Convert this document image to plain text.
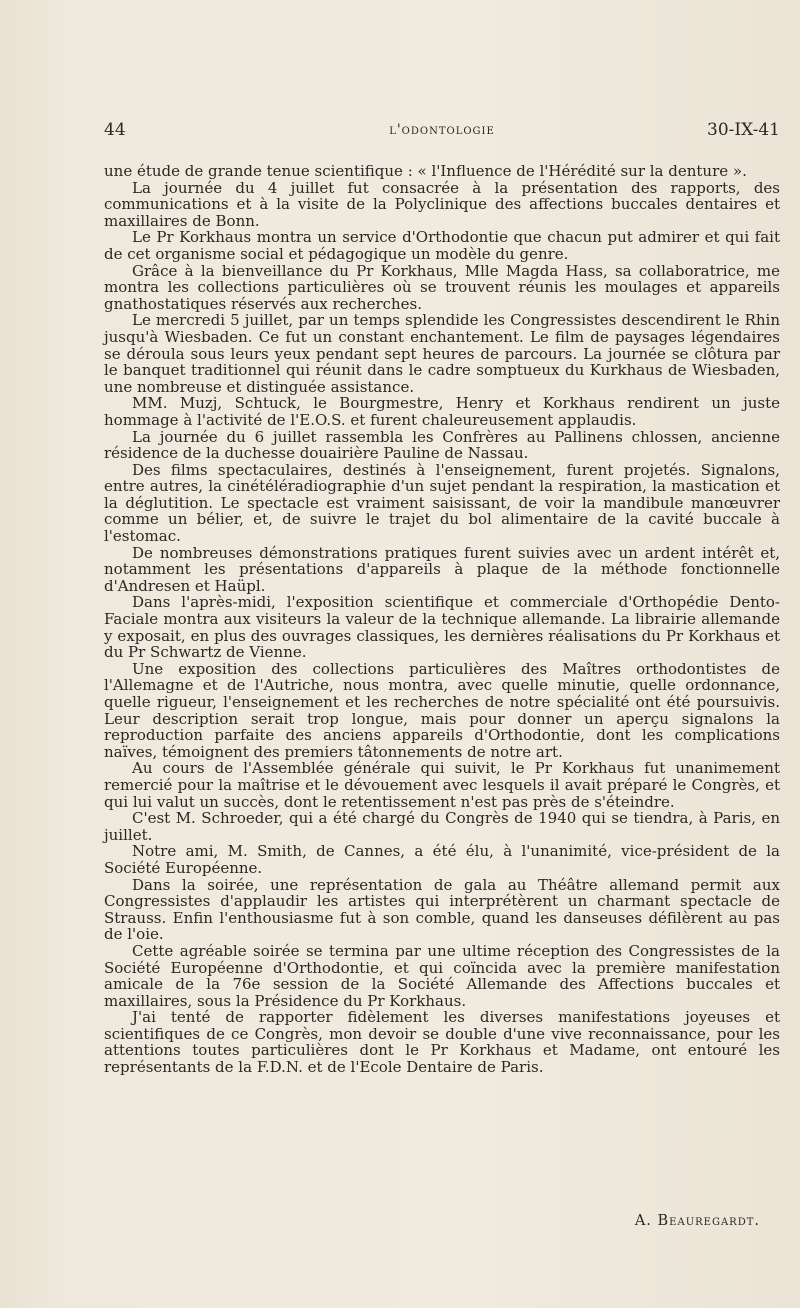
44	l'odontologie	30-IX-41

une étude de grande tenue scientifique : « l'Influence de l'Hérédité sur la denture ».

La journée du 4 juillet fut consacrée à la présentation des rapports, des communications et à la visite de la Polyclinique des affections buccales dentaires et maxillaires de Bonn.

Le Pr Korkhaus montra un service d'Orthodontie que chacun put admirer et qui fait de cet organisme social et pédagogique un modèle du genre.

Grâce à la bienveillance du Pr Korkhaus, Mlle Magda Hass, sa collaboratrice, me montra les collections particulières où se trouvent réunis les moulages et appareils gnathostatiques réservés aux recherches.

Le mercredi 5 juillet, par un temps splendide les Congressistes descendirent le Rhin jusqu'à Wiesbaden. Ce fut un constant enchantement. Le film de paysages légendaires se déroula sous leurs yeux pendant sept heures de parcours. La journée se clôtura par le banquet traditionnel qui réunit dans le cadre somptueux du Kurkhaus de Wiesbaden, une nombreuse et distinguée assistance.

MM. Muzj, Schtuck, le Bourgmestre, Henry et Korkhaus rendirent un juste hommage à l'activité de l'E.O.S. et furent chaleureusement applaudis.

La journée du 6 juillet rassembla les Confrères au Pallinens chlossen, ancienne résidence de la duchesse douairière Pauline de Nassau.

Des films spectaculaires, destinés à l'enseignement, furent projetés. Signalons, entre autres, la cinétéléradiographie d'un sujet pendant la respiration, la mastication et la déglutition. Le spectacle est vraiment saisissant, de voir la mandibule manœuvrer comme un bélier, et, de suivre le trajet du bol alimentaire de la cavité buccale à l'estomac.

De nombreuses démonstrations pratiques furent suivies avec un ardent intérêt et, notamment les présentations d'appareils à plaque de la méthode fonctionnelle d'Andresen et Haüpl.

Dans l'après-midi, l'exposition scientifique et commerciale d'Orthopédie Dento-Faciale montra aux visiteurs la valeur de la technique allemande. La librairie allemande y exposait, en plus des ouvrages classiques, les dernières réalisations du Pr Korkhaus et du Pr Schwartz de Vienne.

Une exposition des collections particulières des Maîtres orthodontistes de l'Allemagne et de l'Autriche, nous montra, avec quelle minutie, quelle ordonnance, quelle rigueur, l'enseignement et les recherches de notre spécialité ont été poursuivis. Leur description serait trop longue, mais pour donner un aperçu signalons la reproduction parfaite des anciens appareils d'Orthodontie, dont les complications naïves, témoignent des premiers tâtonnements de notre art.

Au cours de l'Assemblée générale qui suivit, le Pr Korkhaus fut unanimement remercié pour la maîtrise et le dévouement avec lesquels il avait préparé le Congrès, et qui lui valut un succès, dont le retentissement n'est pas près de s'éteindre.

C'est M. Schroeder, qui a été chargé du Congrès de 1940 qui se tiendra, à Paris, en juillet.

Notre ami, M. Smith, de Cannes, a été élu, à l'unanimité, vice-président de la Société Européenne.

Dans la soirée, une représentation de gala au Théâtre allemand permit aux Congressistes d'applaudir les artistes qui interprétèrent un charmant spectacle de Strauss. Enfin l'enthousiasme fut à son comble, quand les danseuses défilèrent au pas de l'oie.

Cette agréable soirée se termina par une ultime réception des Congressistes de la Société Européenne d'Orthodontie, et qui coïncida avec la première manifestation amicale de la 76e session de la Société Allemande des Affections buccales et maxillaires, sous la Présidence du Pr Korkhaus.

J'ai tenté de rapporter fidèlement les diverses manifestations joyeuses et scientifiques de ce Congrès, mon devoir se double d'une vive reconnaissance, pour les attentions toutes particulières dont le Pr Korkhaus et Madame, ont entouré les représentants de la F.D.N. et de l'Ecole Dentaire de Paris.

A. Beauregardt.
